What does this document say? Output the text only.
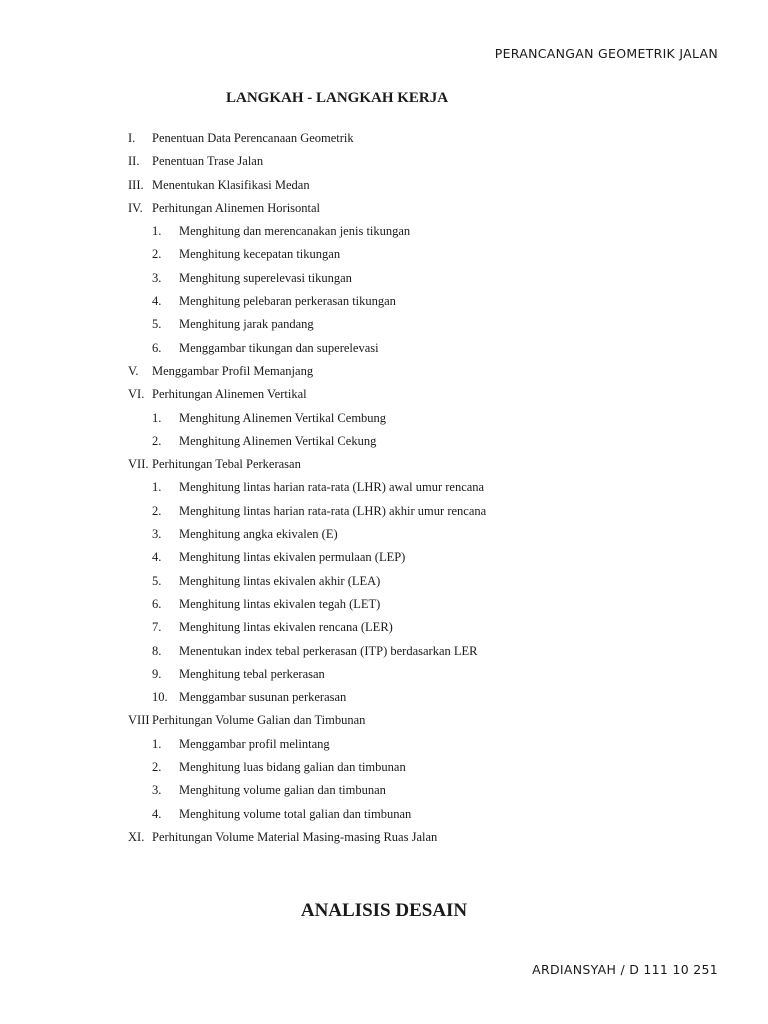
PERANCANGAN GEOMETRIK JALAN
LANGKAH - LANGKAH KERJA
I.	Penentuan Data Perencanaan Geometrik
II.	Penentuan Trase Jalan
III. Menentukan Klasifikasi Medan
IV. Perhitungan Alinemen Horisontal
1.	Menghitung dan merencanakan jenis tikungan
2.	Menghitung kecepatan tikungan
3.	Menghitung superelevasi tikungan
4.	Menghitung pelebaran perkerasan tikungan
5.	Menghitung jarak pandang
6.	Menggambar tikungan dan superelevasi
V.	Menggambar Profil Memanjang
VI. Perhitungan Alinemen Vertikal
1.	Menghitung Alinemen Vertikal Cembung
2.	Menghitung Alinemen Vertikal Cekung
VII. Perhitungan Tebal Perkerasan
1.	Menghitung lintas harian rata-rata (LHR) awal umur rencana
2.	Menghitung lintas harian rata-rata (LHR) akhir umur rencana
3.	Menghitung angka ekivalen (E)
4.	Menghitung lintas ekivalen permulaan (LEP)
5.	Menghitung lintas ekivalen akhir (LEA)
6.	Menghitung lintas ekivalen tegah (LET)
7.	Menghitung lintas ekivalen rencana (LER)
8.	Menentukan index tebal perkerasan (ITP) berdasarkan LER
9.	Menghitung tebal perkerasan
10. Menggambar susunan perkerasan
VIII Perhitungan Volume Galian dan Timbunan
1.	Menggambar profil melintang
2.	Menghitung luas bidang galian dan timbunan
3.	Menghitung volume galian dan timbunan
4.	Menghitung volume total galian dan timbunan
XI. Perhitungan Volume Material Masing-masing Ruas Jalan
ANALISIS DESAIN
ARDIANSYAH / D 111 10 251
